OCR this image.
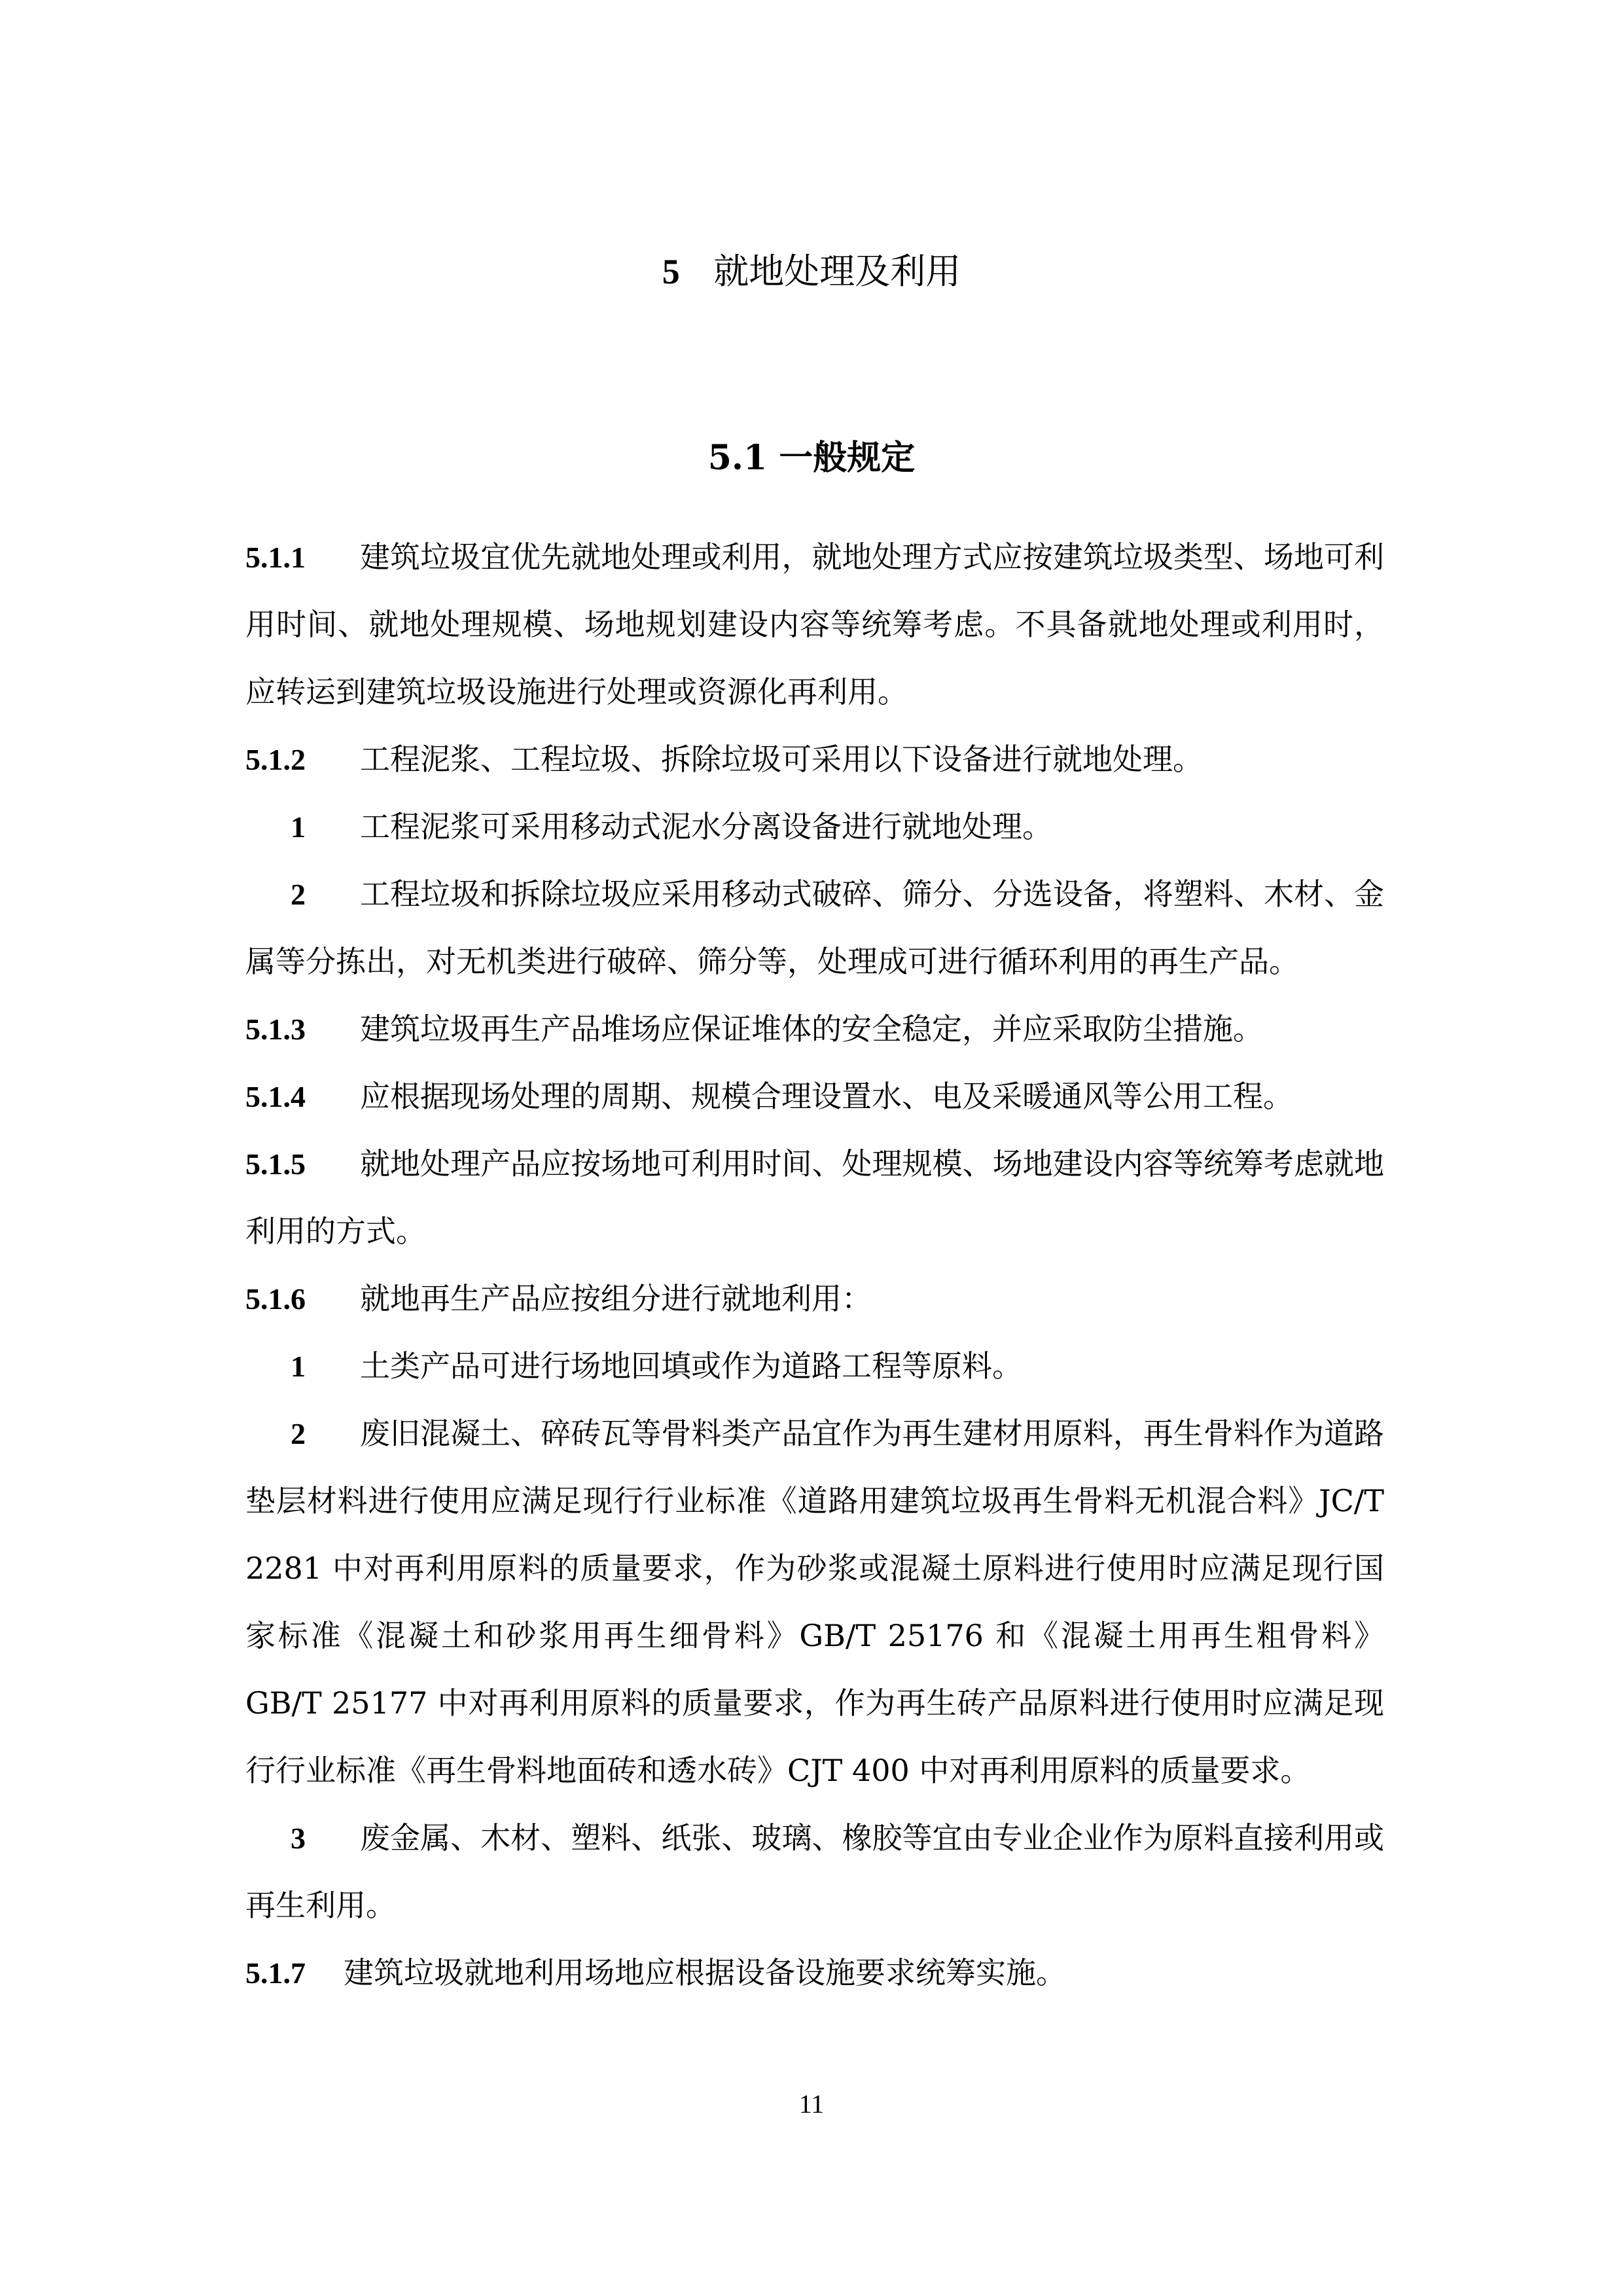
5 就地处理及利用
5.1 一般规定

5.1.1 建筑垃圾宜优先就地处理或利用，就地处理方式应按建筑垃圾类型、场地可利用时间、就地处理规模、场地规划建设内容等统筹考虑。不具备就地处理或利用时，应转运到建筑垃圾设施进行处理或资源化再利用。

5.1.2 工程泥浆、工程垃圾、拆除垃圾可采用以下设备进行就地处理。

1 工程泥浆可采用移动式泥水分离设备进行就地处理。

2 工程垃圾和拆除垃圾应采用移动式破碎、筛分、分选设备，将塑料、木材、金属等分拣出，对无机类进行破碎、筛分等，处理成可进行循环利用的再生产品。

5.1.3 建筑垃圾再生产品堆场应保证堆体的安全稳定，并应采取防尘措施。

5.1.4 应根据现场处理的周期、规模合理设置水、电及采暖通风等公用工程。

5.1.5 就地处理产品应按场地可利用时间、处理规模、场地建设内容等统筹考虑就地利用的方式。

5.1.6 就地再生产品应按组分进行就地利用：

1 土类产品可进行场地回填或作为道路工程等原料。

2 废旧混凝土、碎砖瓦等骨料类产品宜作为再生建材用原料，再生骨料作为道路垫层材料进行使用应满足现行行业标准《道路用建筑垃圾再生骨料无机混合料》JC/T 2281 中对再利用原料的质量要求，作为砂浆或混凝土原料进行使用时应满足现行国家标准《混凝土和砂浆用再生细骨料》GB/T 25176 和《混凝土用再生粗骨料》GB/T 25177 中对再利用原料的质量要求，作为再生砖产品原料进行使用时应满足现行行业标准《再生骨料地面砖和透水砖》CJT 400 中对再利用原料的质量要求。

3 废金属、木材、塑料、纸张、玻璃、橡胶等宜由专业企业作为原料直接利用或再生利用。

5.1.7 建筑垃圾就地利用场地应根据设备设施要求统筹实施。

11
